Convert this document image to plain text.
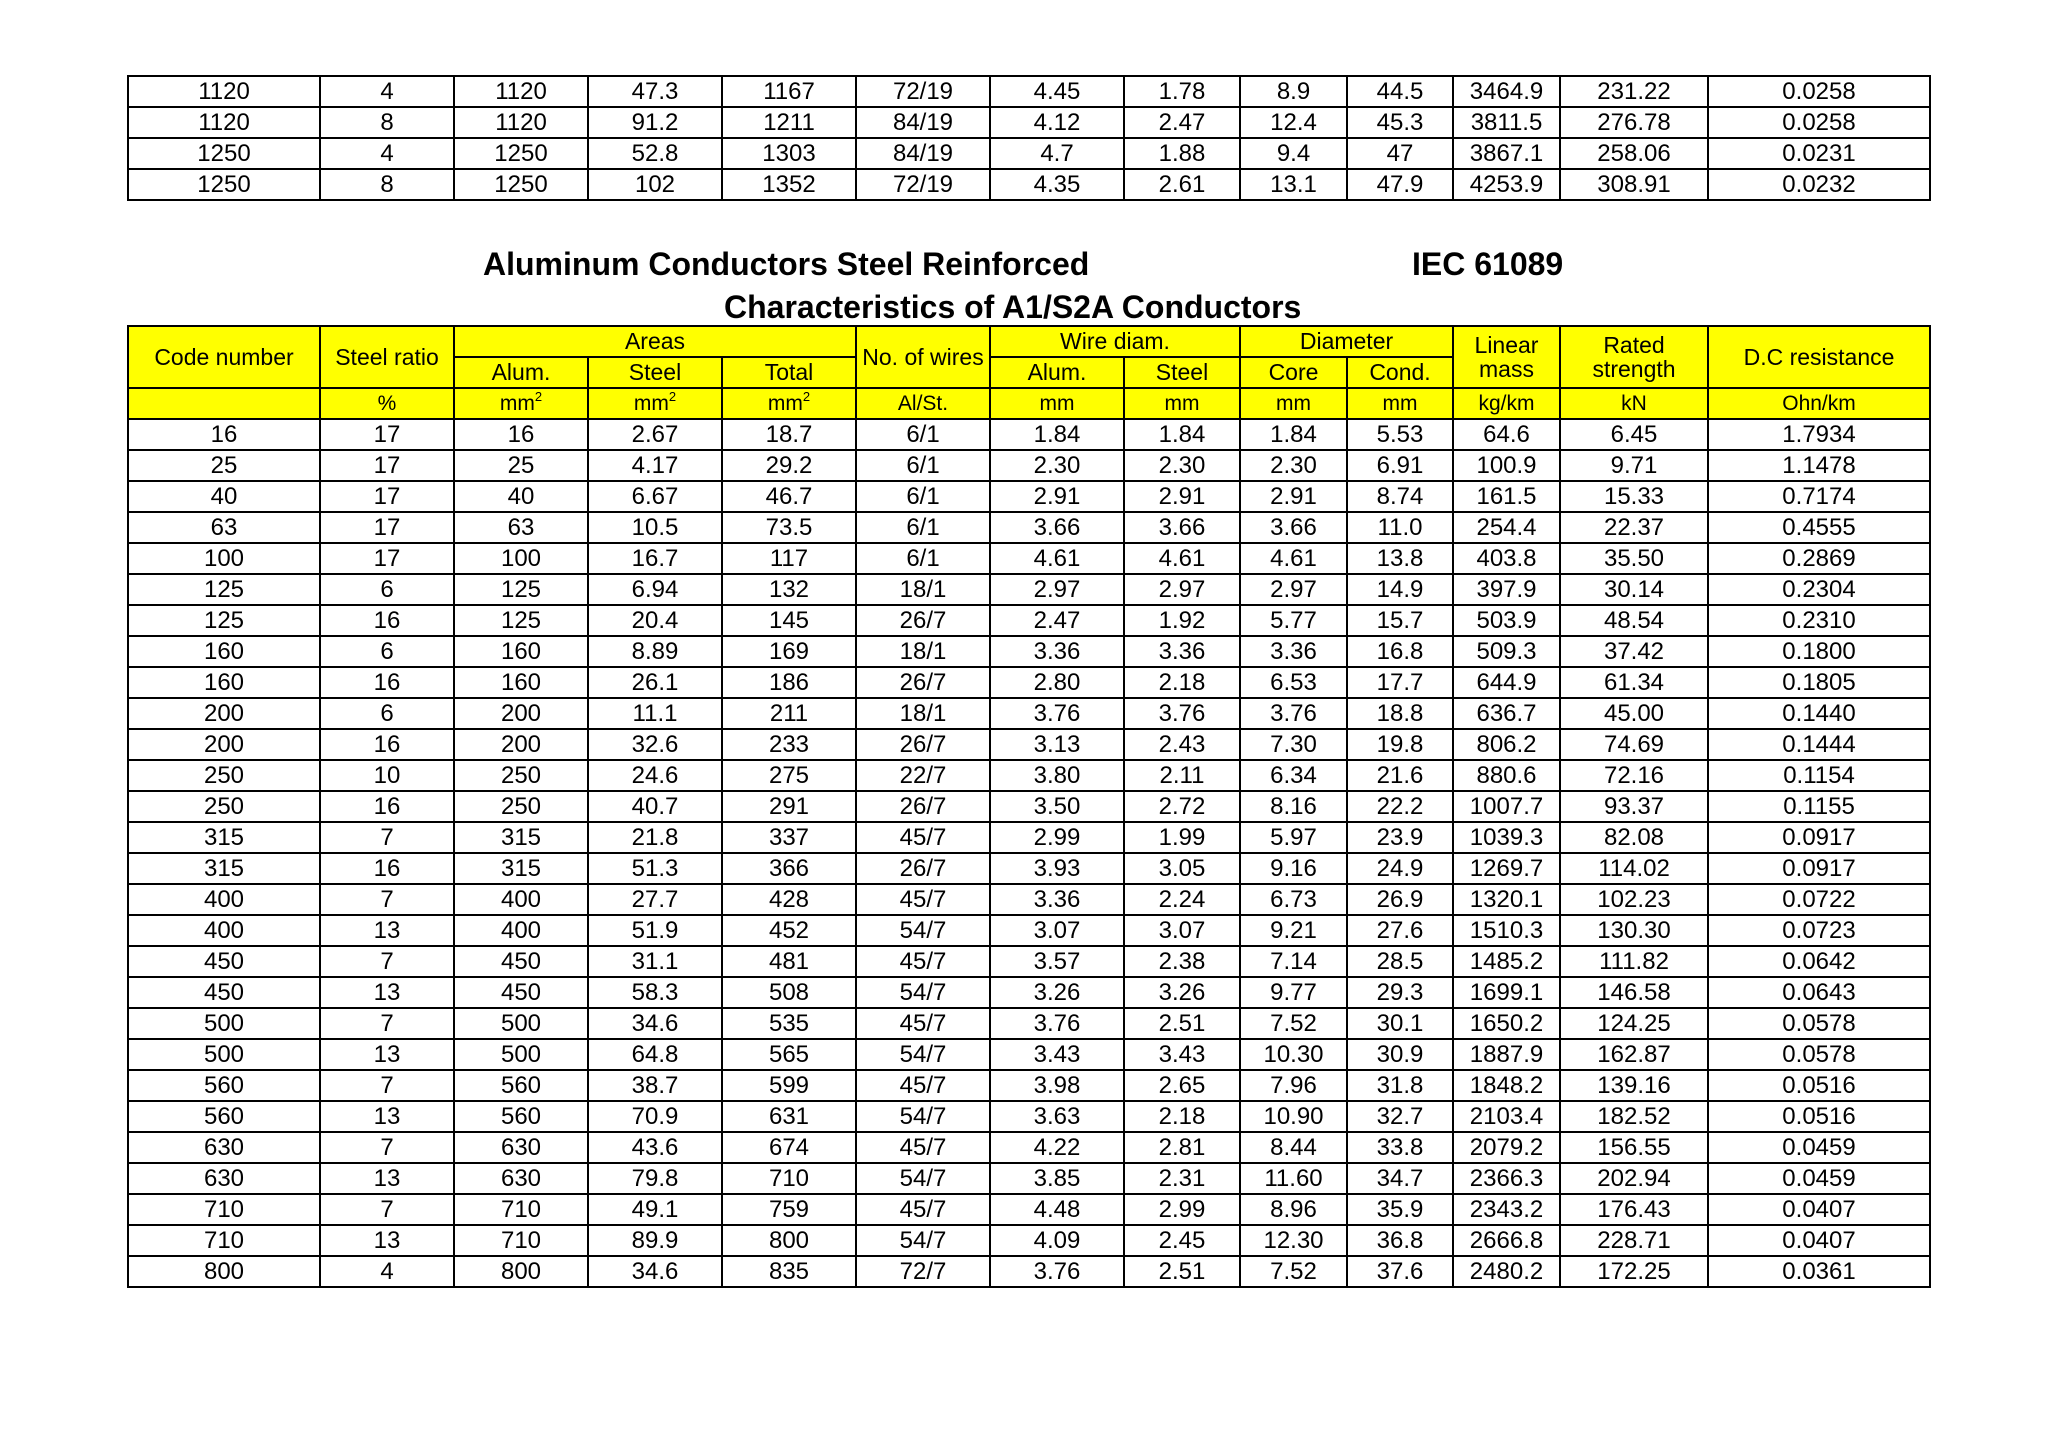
1120	4	1120	47.3	1167	72/19	4.45	1.78	8.9	44.5	3464.9	231.22	0.0258
1120	8	1120	91.2	1211	84/19	4.12	2.47	12.4	45.3	3811.5	276.78	0.0258
1250	4	1250	52.8	1303	84/19	4.7	1.88	9.4	47	3867.1	258.06	0.0231
1250	8	1250	102	1352	72/19	4.35	2.61	13.1	47.9	4253.9	308.91	0.0232
Aluminum Conductors Steel Reinforced	IEC 61089
Characteristics of A1/S2A Conductors
Code number	Steel ratio	Areas			No. of wires	Wire diam.		Diameter		Linear mass	Rated strength	D.C resistance
		Alum.	Steel	Total		Alum.	Steel	Core	Cond.			
	%	$mm^2$	$mm^2$	$mm^2$	Al/St.	mm	mm	mm	mm	kg/km	kN	Ohn/km
16	17	16	2.67	18.7	6/1	1.84	1.84	1.84	5.53	64.6	6.45	1.7934
25	17	25	4.17	29.2	6/1	2.30	2.30	2.30	6.91	100.9	9.71	1.1478
40	17	40	6.67	46.7	6/1	2.91	2.91	2.91	8.74	161.5	15.33	0.7174
63	17	63	10.5	73.5	6/1	3.66	3.66	3.66	11.0	254.4	22.37	0.4555
100	17	100	16.7	117	6/1	4.61	4.61	4.61	13.8	403.8	35.50	0.2869
125	6	125	6.94	132	18/1	2.97	2.97	2.97	14.9	397.9	30.14	0.2304
125	16	125	20.4	145	26/7	2.47	1.92	5.77	15.7	503.9	48.54	0.2310
160	6	160	8.89	169	18/1	3.36	3.36	3.36	16.8	509.3	37.42	0.1800
160	16	160	26.1	186	26/7	2.80	2.18	6.53	17.7	644.9	61.34	0.1805
200	6	200	11.1	211	18/1	3.76	3.76	3.76	18.8	636.7	45.00	0.1440
200	16	200	32.6	233	26/7	3.13	2.43	7.30	19.8	806.2	74.69	0.1444
250	10	250	24.6	275	22/7	3.80	2.11	6.34	21.6	880.6	72.16	0.1154
250	16	250	40.7	291	26/7	3.50	2.72	8.16	22.2	1007.7	93.37	0.1155
315	7	315	21.8	337	45/7	2.99	1.99	5.97	23.9	1039.3	82.08	0.0917
315	16	315	51.3	366	26/7	3.93	3.05	9.16	24.9	1269.7	114.02	0.0917
400	7	400	27.7	428	45/7	3.36	2.24	6.73	26.9	1320.1	102.23	0.0722
400	13	400	51.9	452	54/7	3.07	3.07	9.21	27.6	1510.3	130.30	0.0723
450	7	450	31.1	481	45/7	3.57	2.38	7.14	28.5	1485.2	111.82	0.0642
450	13	450	58.3	508	54/7	3.26	3.26	9.77	29.3	1699.1	146.58	0.0643
500	7	500	34.6	535	45/7	3.76	2.51	7.52	30.1	1650.2	124.25	0.0578
500	13	500	64.8	565	54/7	3.43	3.43	10.30	30.9	1887.9	162.87	0.0578
560	7	560	38.7	599	45/7	3.98	2.65	7.96	31.8	1848.2	139.16	0.0516
560	13	560	70.9	631	54/7	3.63	2.18	10.90	32.7	2103.4	182.52	0.0516
630	7	630	43.6	674	45/7	4.22	2.81	8.44	33.8	2079.2	156.55	0.0459
630	13	630	79.8	710	54/7	3.85	2.31	11.60	34.7	2366.3	202.94	0.0459
710	7	710	49.1	759	45/7	4.48	2.99	8.96	35.9	2343.2	176.43	0.0407
710	13	710	89.9	800	54/7	4.09	2.45	12.30	36.8	2666.8	228.71	0.0407
800	4	800	34.6	835	72/7	3.76	2.51	7.52	37.6	2480.2	172.25	0.0361
